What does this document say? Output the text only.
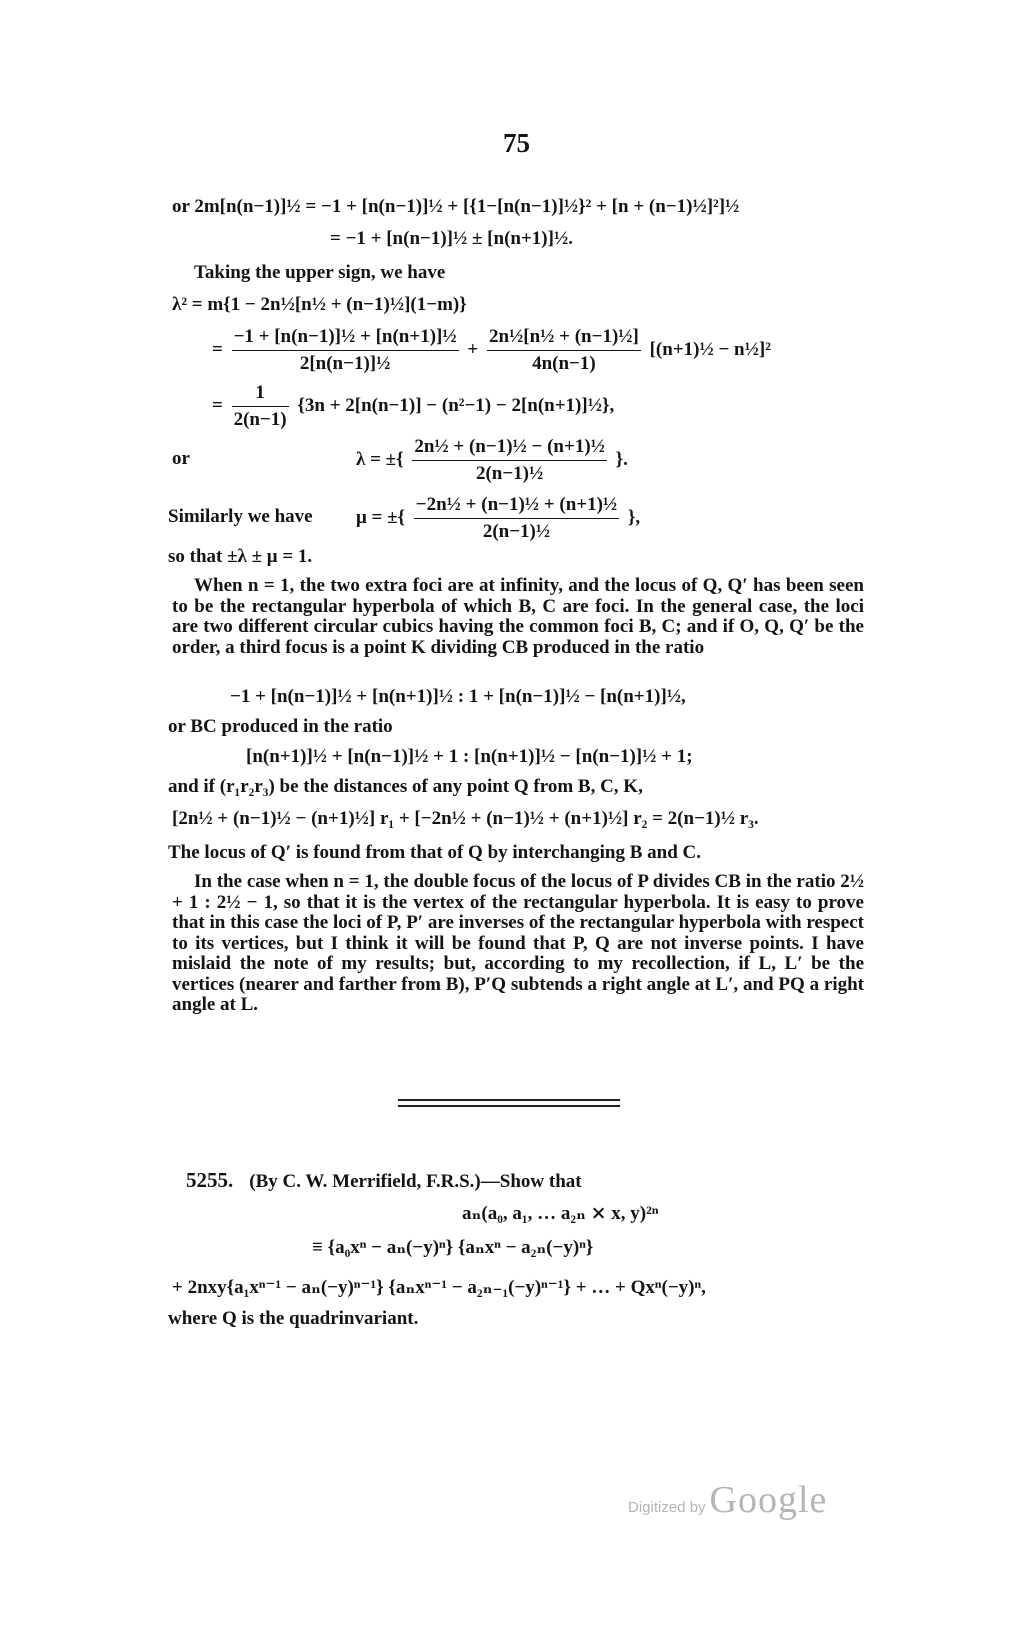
75
or 2m[n(n−1)]½ = −1 + [n(n−1)]½ + [{1−[n(n−1)]½}² + [n + (n−1)½]²]½
= −1 + [n(n−1)]½ ± [n(n+1)]½.
Taking the upper sign, we have
λ² = m{1 − 2n½[n½ + (n−1)½](1−m)}
= $\frac{\text{−1 + [n(n−1)]½ + [n(n+1)]½}}{\text{2[n(n−1)]½}} + \frac{\text{2n½[n½ + (n−1)½]}}{4n(n-1)}$ [(n+1)½ − n½]²
= $\frac{1}{2(n-1)} \{3n + 2[n(n-1)] - (n^2-1)$ − 2[n(n+1)]½},
or	λ = ±{ $\frac{\text{2n½ + (n−1)½ − (n+1)½}}{\text{2(n−1)½}}$ }.
Similarly we have μ = ±{ $\frac{\text{−2n½ + (n−1)½ + (n+1)½}}{\text{2(n−1)½}}$ },
so that ±λ ± μ = 1.
When n = 1, the two extra foci are at infinity, and the locus of Q, Q′ has been seen to be the rectangular hyperbola of which B, C are foci. In the general case, the loci are two different circular cubics having the common foci B, C; and if O, Q, Q′ be the order, a third focus is a point K dividing CB produced in the ratio
−1 + [n(n−1)]½ + [n(n+1)]½ : 1 + [n(n−1)]½ − [n(n+1)]½,
or BC produced in the ratio
[n(n+1)]½ + [n(n−1)]½ + 1 : [n(n+1)]½ − [n(n−1)]½ + 1;
and if (r₁r₂r₃) be the distances of any point Q from B, C, K,
[2n½ + (n−1)½ − (n+1)½] r₁ + [−2n½ + (n−1)½ + (n+1)½] r₂ = 2(n−1)½ r₃.
The locus of Q′ is found from that of Q by interchanging B and C.
In the case when n = 1, the double focus of the locus of P divides CB in the ratio 2½ + 1 : 2½ − 1, so that it is the vertex of the rectangular hyperbola. It is easy to prove that in this case the loci of P, P′ are inverses of the rectangular hyperbola with respect to its vertices, but I think it will be found that P, Q are not inverse points. I have mislaid the note of my results; but, according to my recollection, if L, L′ be the vertices (nearer and farther from B), P′Q subtends a right angle at L′, and PQ a right angle at L.
5255. (By C. W. Merrifield, F.R.S.)—Show that
aₙ(a₀, a₁, … a₂ₙ ⨯ x, y)²ⁿ
≡ {a₀xⁿ − aₙ(−y)ⁿ} {aₙxⁿ − a₂ₙ(−y)ⁿ}
+ 2nxy{a₁xⁿ⁻¹ − aₙ(−y)ⁿ⁻¹} {aₙxⁿ⁻¹ − a₂ₙ₋₁(−y)ⁿ⁻¹} + … + Qxⁿ(−y)ⁿ,
where Q is the quadrinvariant.
Digitized by Google
